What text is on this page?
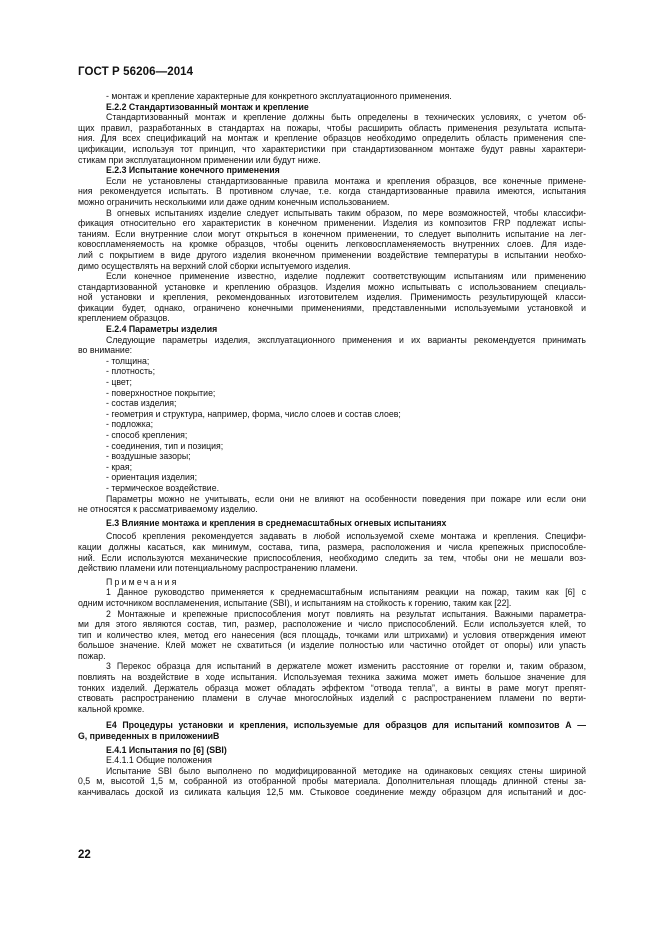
ГОСТ Р 56206—2014
- монтаж и крепление характерные для конкретного эксплуатационного применения.
Е.2.2 Стандартизованный монтаж и крепление
Стандартизованный монтаж и крепление должны быть определены в технических условиях, с учетом об-
щих правил, разработанных в стандартах на пожары, чтобы расширить область применения результата испыта-
ния. Для всех спецификаций на монтаж и крепление образцов необходимо определить область применения спе-
цификации, используя тот принцип, что характеристики при стандартизованном монтаже будут равны характери-
стикам при эксплуатационном применении или будут ниже.
Е.2.3 Испытание конечного применения
Если не установлены стандартизованные правила монтажа и крепления образцов, все конечные примене-
ния рекомендуется испытать. В противном случае, т.е. когда стандартизованные правила имеются, испытания
можно ограничить несколькими или даже одним конечным использованием.
В огневых испытаниях изделие следует испытывать таким образом, по мере возможностей, чтобы классифи-
фикация относительно его характеристик в конечном применении. Изделия из композитов FRP подлежат испы-
таниям. Если внутренние слои могут открыться в конечном применении, то следует выполнить испытание на лег-
ковоспламеняемость на кромке образцов, чтобы оценить легковоспламеняемость внутренних слоев. Для изде-
лий с покрытием в виде другого изделия вконечном применении воздействие температуры в испытании необхо-
димо осуществлять на верхний слой сборки испытуемого изделия.
Если конечное применение известно, изделие подлежит соответствующим испытаниям или применению
стандартизованной установке и креплению образцов. Изделия можно испытывать с использованием специаль-
ной установки и крепления, рекомендованных изготовителем изделия. Применимость результирующей класси-
фикации будет, однако, ограничено конечными применениями, представленными используемыми установкой и
креплением образцов.
Е.2.4 Параметры изделия
Следующие параметры изделия, эксплуатационного применения и их варианты рекомендуется принимать
во внимание:
- толщина;
- плотность;
- цвет;
- поверхностное покрытие;
- состав изделия;
- геометрия и структура, например, форма, число слоев и состав слоев;
- подложка;
- способ крепления;
- соединения, тип и позиция;
- воздушные зазоры;
- края;
- ориентация изделия;
- термическое воздействие.
Параметры можно не учитывать, если они не влияют на особенности поведения при пожаре или если они
не относятся к рассматриваемому изделию.
Е.3 Влияние монтажа и крепления в среднемасштабных огневых испытаниях
Способ крепления рекомендуется задавать в любой используемой схеме монтажа и крепления. Специфи-
кации должны касаться, как минимум, состава, типа, размера, расположения и числа крепежных приспособле-
ний. Если используются механические приспособления, необходимо следить за тем, чтобы они не мешали воз-
действию пламени или потенциальному распространению пламени.
Примечания
1 Данное руководство применяется к среднемасштабным испытаниям реакции на пожар, таким как [6] с
одним источником воспламенения, испытание (SBI), и испытаниям на стойкость к горению, таким как [22].
2 Монтажные и крепежные приспособления могут повлиять на результат испытания. Важными параметра-
ми для этого являются состав, тип, размер, расположение и число приспособлений. Если используется клей, то
тип и количество клея, метод его нанесения (вся площадь, точками или штрихами) и условия отверждения имеют
большое значение. Клей может не схватиться (и изделие полностью или частично отойдет от опоры) или упасть
пожар.
3 Перекос образца для испытаний в держателе может изменить расстояние от горелки и, таким образом,
повлиять на воздействие в ходе испытания. Используемая техника зажима может иметь большое значение для
тонких изделий. Держатель образца может обладать эффектом “отвода тепла”, а винты в раме могут препят-
ствовать распространению пламени в случае многослойных изделий с распространением пламени по верти-
кальной кромке.
Е4 Процедуры установки и крепления, используемые для образцов для испытаний композитов А —
G, приведенных в приложенииВ
Е.4.1 Испытания по [6] (SBI)
Е.4.1.1 Общие положения
Испытание SBI было выполнено по модифицированной методике на одинаковых секциях стены шириной
0,5 м, высотой 1,5 м, собранной из отобранной пробы материала. Дополнительная площадь длинной стены за-
канчивалась доской из силиката кальция 12,5 мм. Стыковое соединение между образцом для испытаний и дос-
22
